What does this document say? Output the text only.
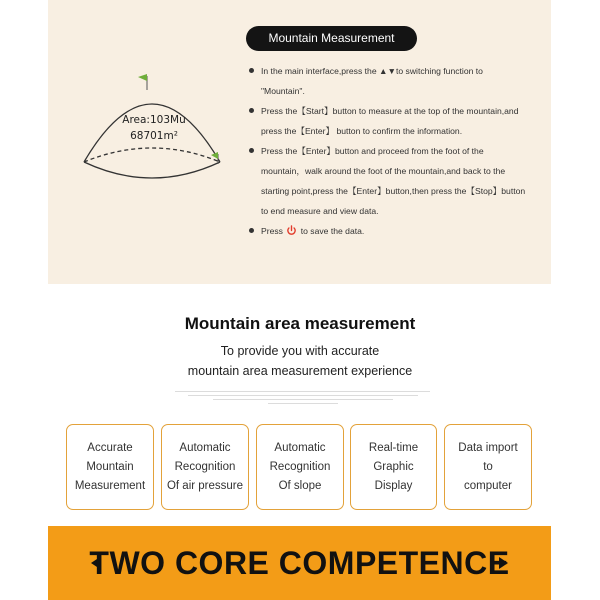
Area:103Mu
68701m²
Mountain Measurement
In the main interface,press the ▲▼to switching function to "Mountain".
Press the【Start】button to measure at the top of the mountain,and press the【Enter】 button to confirm the information.
Press the【Enter】button and proceed from the foot of the mountain，walk around the foot of the mountain,and back to the starting point,press the【Enter】button,then press the【Stop】button to end measure and view data.
Press to save the data.
Mountain area measurement
To provide you with accurate
mountain area measurement experience
Accurate
Mountain
Measurement
Automatic
Recognition
Of air pressure
Automatic
Recognition
Of slope
Real-time
Graphic
Display
Data import
to
computer
TWO CORE COMPETENCE
